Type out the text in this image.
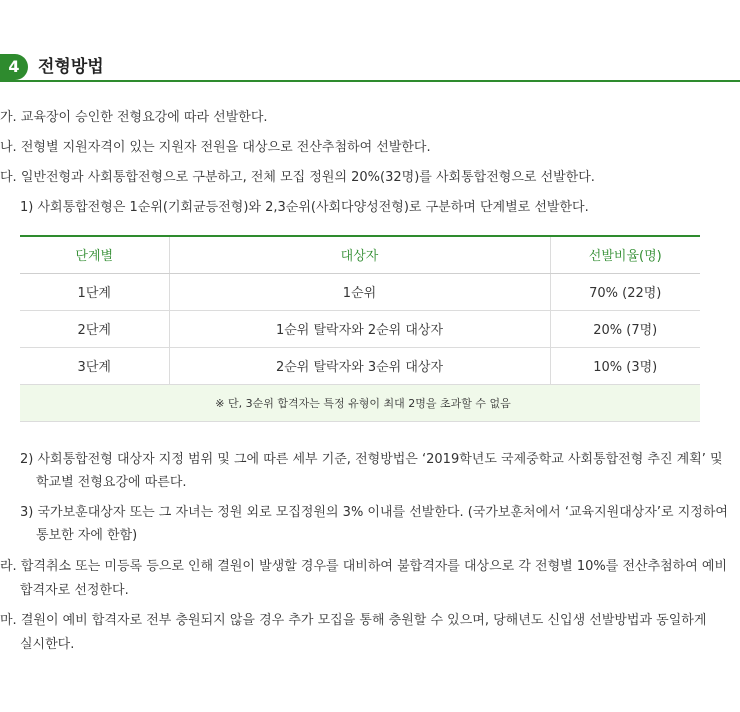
4	전형방법
가. 교육장이 승인한 전형요강에 따라 선발한다.
나. 전형별 지원자격이 있는 지원자 전원을 대상으로 전산추첨하여 선발한다.
다. 일반전형과 사회통합전형으로 구분하고, 전체 모집 정원의 20%(32명)를 사회통합전형으로 선발한다.
1) 사회통합전형은 1순위(기회균등전형)와 2,3순위(사회다양성전형)로 구분하며 단계별로 선발한다.
단계별	대상자	선발비율(명)
1단계	1순위	70% (22명)
2단계	1순위 탈락자와 2순위 대상자	20% (7명)
3단계	2순위 탈락자와 3순위 대상자	10% (3명)
※ 단, 3순위 합격자는 특정 유형이 최대 2명을 초과할 수 없음		
2) 사회통합전형 대상자 지정 범위 및 그에 따른 세부 기준, 전형방법은 ‘2019학년도 국제중학교 사회통합전형 추진 계획’ 및
학교별 전형요강에 따른다.
3) 국가보훈대상자 또는 그 자녀는 정원 외로 모집정원의 3% 이내를 선발한다. (국가보훈처에서 ‘교육지원대상자’로 지정하여
통보한 자에 한함)
라. 합격취소 또는 미등록 등으로 인해 결원이 발생할 경우를 대비하여 불합격자를 대상으로 각 전형별 10%를 전산추첨하여 예비
합격자로 선정한다.
마. 결원이 예비 합격자로 전부 충원되지 않을 경우 추가 모집을 통해 충원할 수 있으며, 당해년도 신입생 선발방법과 동일하게
실시한다.
